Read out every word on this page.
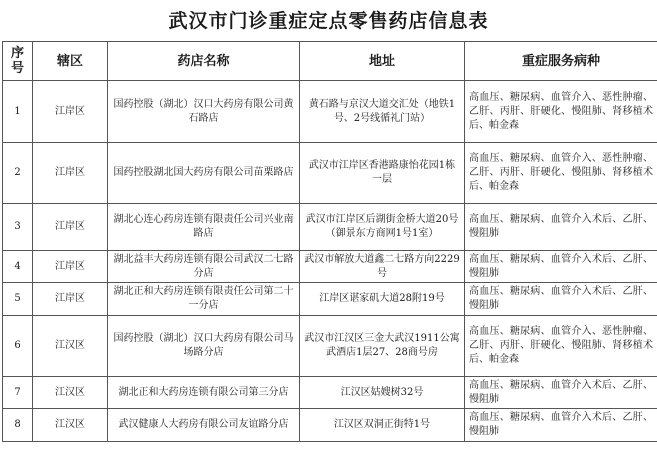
武汉市门诊重症定点零售药店信息表
序号	辖区	药店名称	地址	重症服务病种
1	江岸区	国药控股（湖北）汉口大药房有限公司黄石路店	黄石路与京汉大道交汇处（地铁1号、2号线循礼门站）	高血压、糖尿病、血管介入、恶性肿瘤、乙肝、丙肝、肝硬化、慢阻肺、肾移植术后、帕金森
2	江岸区	国药控股湖北国大药房有限公司苗栗路店	武汉市江岸区香港路康怡花园1栋一层	高血压、糖尿病、血管介入、恶性肿瘤、乙肝、丙肝、肝硬化、慢阻肺、肾移植术后、帕金森
3	江岸区	湖北心连心药房连锁有限责任公司兴业南路店	武汉市江岸区后湖街金桥大道20号（御景东方商网1号1室）	高血压、糖尿病、血管介入术后、乙肝、慢阻肺
4	江岸区	湖北益丰大药房连锁有限公司武汉二七路分店	武汉市解放大道鑫二七路方向2229号	高血压、糖尿病、血管介入术后、乙肝、慢阻肺
5	江岸区	湖北正和大药房连锁有限责任公司第二十一分店	江岸区谌家矶大道28附19号	高血压、糖尿病、血管介入术后、乙肝、慢阻肺
6	江汉区	国药控股（湖北）汉口大药房有限公司马场路分店	武汉市江汉区三金大武汉1911公寓武酒店1层27、28商号房	高血压、糖尿病、血管介入、恶性肿瘤、乙肝、丙肝、肝硬化、慢阻肺、肾移植术后、帕金森
7	江汉区	湖北正和大药房连锁有限公司第三分店	江汉区姑嫂树32号	高血压、糖尿病、血管介入术后、乙肝、慢阻肺
8	江汉区	武汉健康人大药房有限公司友谊路分店	江汉区双洞正街特1号	高血压、糖尿病、血管介入术后、乙肝、慢阻肺
